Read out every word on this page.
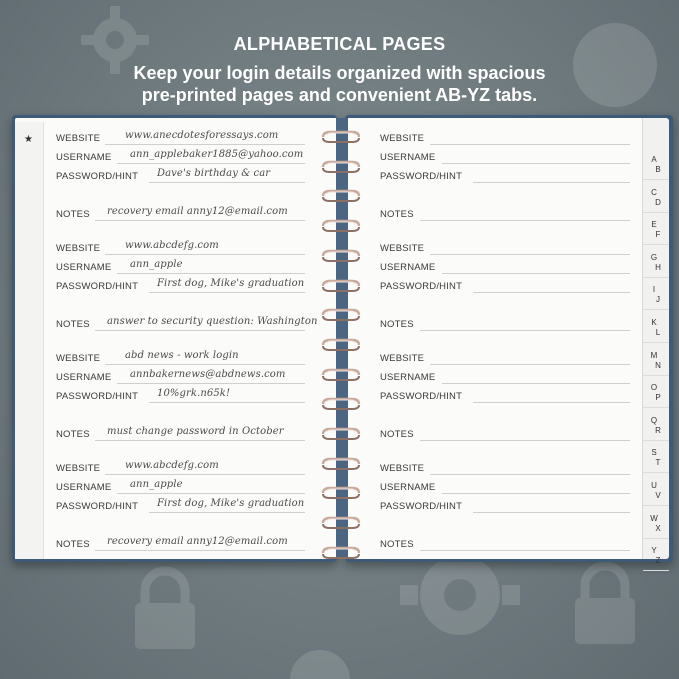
ALPHABETICAL PAGES
Keep your login details organized with spacious
pre-printed pages and convenient AB-YZ tabs.
★ WEBSITE www.anecdotesforessays.com	WEBSITE
USERNAME ann_applebaker1885@yahoo.com	USERNAME
PASSWORD/HINT Dave's birthday & car	PASSWORD/HINT
NOTES recovery email anny12@email.com	NOTES
WEBSITE www.abcdefg.com	WEBSITE
USERNAME ann_apple	USERNAME
PASSWORD/HINT First dog, Mike's graduation	PASSWORD/HINT
NOTES answer to security question: Washington	NOTES
WEBSITE abd news - work login	WEBSITE
USERNAME annbakernews@abdnews.com	USERNAME
PASSWORD/HINT 10%grk.n65k!	PASSWORD/HINT
NOTES must change password in October	NOTES
WEBSITE www.abcdefg.com	WEBSITE
USERNAME ann_apple	USERNAME
PASSWORD/HINT First dog, Mike's graduation	PASSWORD/HINT
NOTES recovery email anny12@email.com	NOTES
A
B
C
D
E
F
G
H
I
J
K
L
M
N
O
P
Q
R
S
T
U
V
W
X
Y
Z
